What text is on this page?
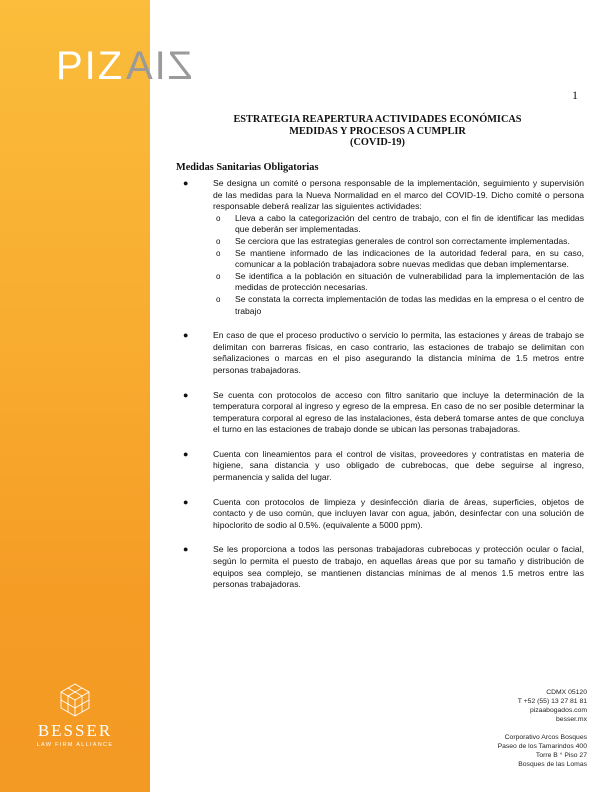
PIZZIA
ATTORNEYS AT LAW
BESSER
LAW FIRM ALLIANCE
1
ESTRATEGIA REAPERTURA ACTIVIDADES ECONÓMICAS
MEDIDAS Y PROCESOS A CUMPLIR
(COVID-19)
Medidas Sanitarias Obligatorias
●	Se designa un comité o persona responsable de la implementación, seguimiento y supervisión de las medidas para la Nueva Normalidad en el marco del COVID-19. Dicho comité o persona responsable deberá realizar las siguientes actividades:
o Lleva a cabo la categorización del centro de trabajo, con el fin de identificar las medidas que deberán ser implementadas.
o Se cerciora que las estrategias generales de control son correctamente implementadas.
o Se mantiene informado de las indicaciones de la autoridad federal para, en su caso, comunicar a la población trabajadora sobre nuevas medidas que deban implementarse.
o Se identifica a la población en situación de vulnerabilidad para la implementación de las medidas de protección necesarias.
o Se constata la correcta implementación de todas las medidas en la empresa o el centro de trabajo
●	En caso de que el proceso productivo o servicio lo permita, las estaciones y áreas de trabajo se delimitan con barreras físicas, en caso contrario, las estaciones de trabajo se delimitan con señalizaciones o marcas en el piso asegurando la distancia mínima de 1.5 metros entre personas trabajadoras.
●	Se cuenta con protocolos de acceso con filtro sanitario que incluye la determinación de la temperatura corporal al ingreso y egreso de la empresa. En caso de no ser posible determinar la temperatura corporal al egreso de las instalaciones, ésta deberá tomarse antes de que concluya el turno en las estaciones de trabajo donde se ubican las personas trabajadoras.
●	Cuenta con lineamientos para el control de visitas, proveedores y contratistas en materia de higiene, sana distancia y uso obligado de cubrebocas, que debe seguirse al ingreso, permanencia y salida del lugar.
●	Cuenta con protocolos de limpieza y desinfección diaria de áreas, superficies, objetos de contacto y de uso común, que incluyen lavar con agua, jabón, desinfectar con una solución de hipoclorito de sodio al 0.5%. (equivalente a 5000 ppm).
●	Se les proporciona a todos las personas trabajadoras cubrebocas y protección ocular o facial, según lo permita el puesto de trabajo, en aquellas áreas que por su tamaño y distribución de equipos sea complejo, se mantienen distancias mínimas de al menos 1.5 metros entre las personas trabajadoras.
CDMX 05120
T +52 (55) 13 27 81 81
pizaabogados.com
besser.mx
Corporativo Arcos Bosques
Paseo de los Tamarindos 400
Torre B ° Piso 27
Bosques de las Lomas
